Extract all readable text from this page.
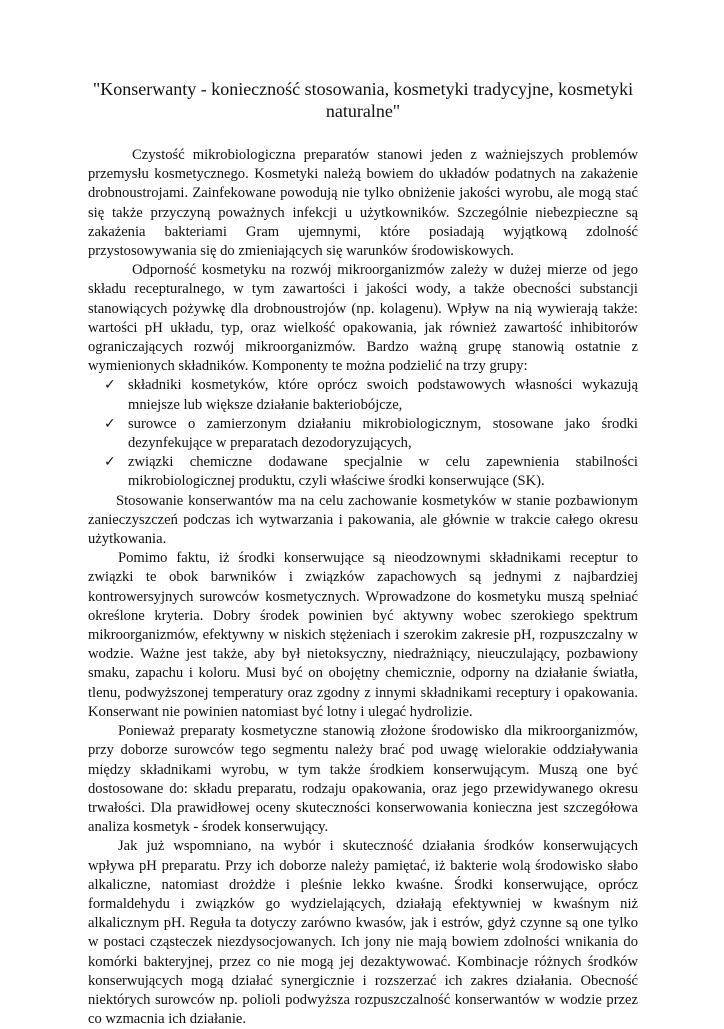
"Konserwanty - konieczność stosowania, kosmetyki tradycyjne, kosmetyki naturalne"

Czystość mikrobiologiczna preparatów stanowi jeden z ważniejszych problemów przemysłu kosmetycznego. Kosmetyki należą bowiem do układów podatnych na zakażenie drobnoustrojami. Zainfekowane powodują nie tylko obniżenie jakości wyrobu, ale mogą stać się także przyczyną poważnych infekcji u użytkowników. Szczególnie niebezpieczne są zakażenia bakteriami Gram ujemnymi, które posiadają wyjątkową zdolność przystosowywania się do zmieniających się warunków środowiskowych.

Odporność kosmetyku na rozwój mikroorganizmów zależy w dużej mierze od jego składu recepturalnego, w tym zawartości i jakości wody, a także obecności substancji stanowiących pożywkę dla drobnoustrojów (np. kolagenu). Wpływ na nią wywierają także: wartości pH układu, typ, oraz wielkość opakowania, jak również zawartość inhibitorów ograniczających rozwój mikroorganizmów. Bardzo ważną grupę stanowią ostatnie z wymienionych składników. Komponenty te można podzielić na trzy grupy:

✓ składniki kosmetyków, które oprócz swoich podstawowych własności wykazują mniejsze lub większe działanie bakteriobójcze,
✓ surowce o zamierzonym działaniu mikrobiologicznym, stosowane jako środki dezynfekujące w preparatach dezodoryzujących,
✓ związki chemiczne dodawane specjalnie w celu zapewnienia stabilności mikrobiologicznej produktu, czyli właściwe środki konserwujące (SK).

Stosowanie konserwantów ma na celu zachowanie kosmetyków w stanie pozbawionym zanieczyszczeń podczas ich wytwarzania i pakowania, ale głównie w trakcie całego okresu użytkowania.

Pomimo faktu, iż środki konserwujące są nieodzownymi składnikami receptur to związki te obok barwników i związków zapachowych są jednymi z najbardziej kontrowersyjnych surowców kosmetycznych. Wprowadzone do kosmetyku muszą spełniać określone kryteria. Dobry środek powinien być aktywny wobec szerokiego spektrum mikroorganizmów, efektywny w niskich stężeniach i szerokim zakresie pH, rozpuszczalny w wodzie. Ważne jest także, aby był nietoksyczny, niedrażniący, nieuczulający, pozbawiony smaku, zapachu i koloru. Musi być on obojętny chemicznie, odporny na działanie światła, tlenu, podwyższonej temperatury oraz zgodny z innymi składnikami receptury i opakowania. Konserwant nie powinien natomiast być lotny i ulegać hydrolizie.

Ponieważ preparaty kosmetyczne stanowią złożone środowisko dla mikroorganizmów, przy doborze surowców tego segmentu należy brać pod uwagę wielorakie oddziaływania między składnikami wyrobu, w tym także środkiem konserwującym. Muszą one być dostosowane do: składu preparatu, rodzaju opakowania, oraz jego przewidywanego okresu trwałości. Dla prawidłowej oceny skuteczności konserwowania konieczna jest szczegółowa analiza kosmetyk - środek konserwujący.

Jak już wspomniano, na wybór i skuteczność działania środków konserwujących wpływa pH preparatu. Przy ich doborze należy pamiętać, iż bakterie wolą środowisko słabo alkaliczne, natomiast drożdże i pleśnie lekko kwaśne. Środki konserwujące, oprócz formaldehydu i związków go wydzielających, działają efektywniej w kwaśnym niż alkalicznym pH. Reguła ta dotyczy zarówno kwasów, jak i estrów, gdyż czynne są one tylko w postaci cząsteczek niezdysocjowanych. Ich jony nie mają bowiem zdolności wnikania do komórki bakteryjnej, przez co nie mogą jej dezaktywować. Kombinacje różnych środków konserwujących mogą działać synergicznie i rozszerzać ich zakres działania. Obecność niektórych surowców np. polioli podwyższa rozpuszczalność konserwantów w wodzie przez co wzmacnia ich działanie.
